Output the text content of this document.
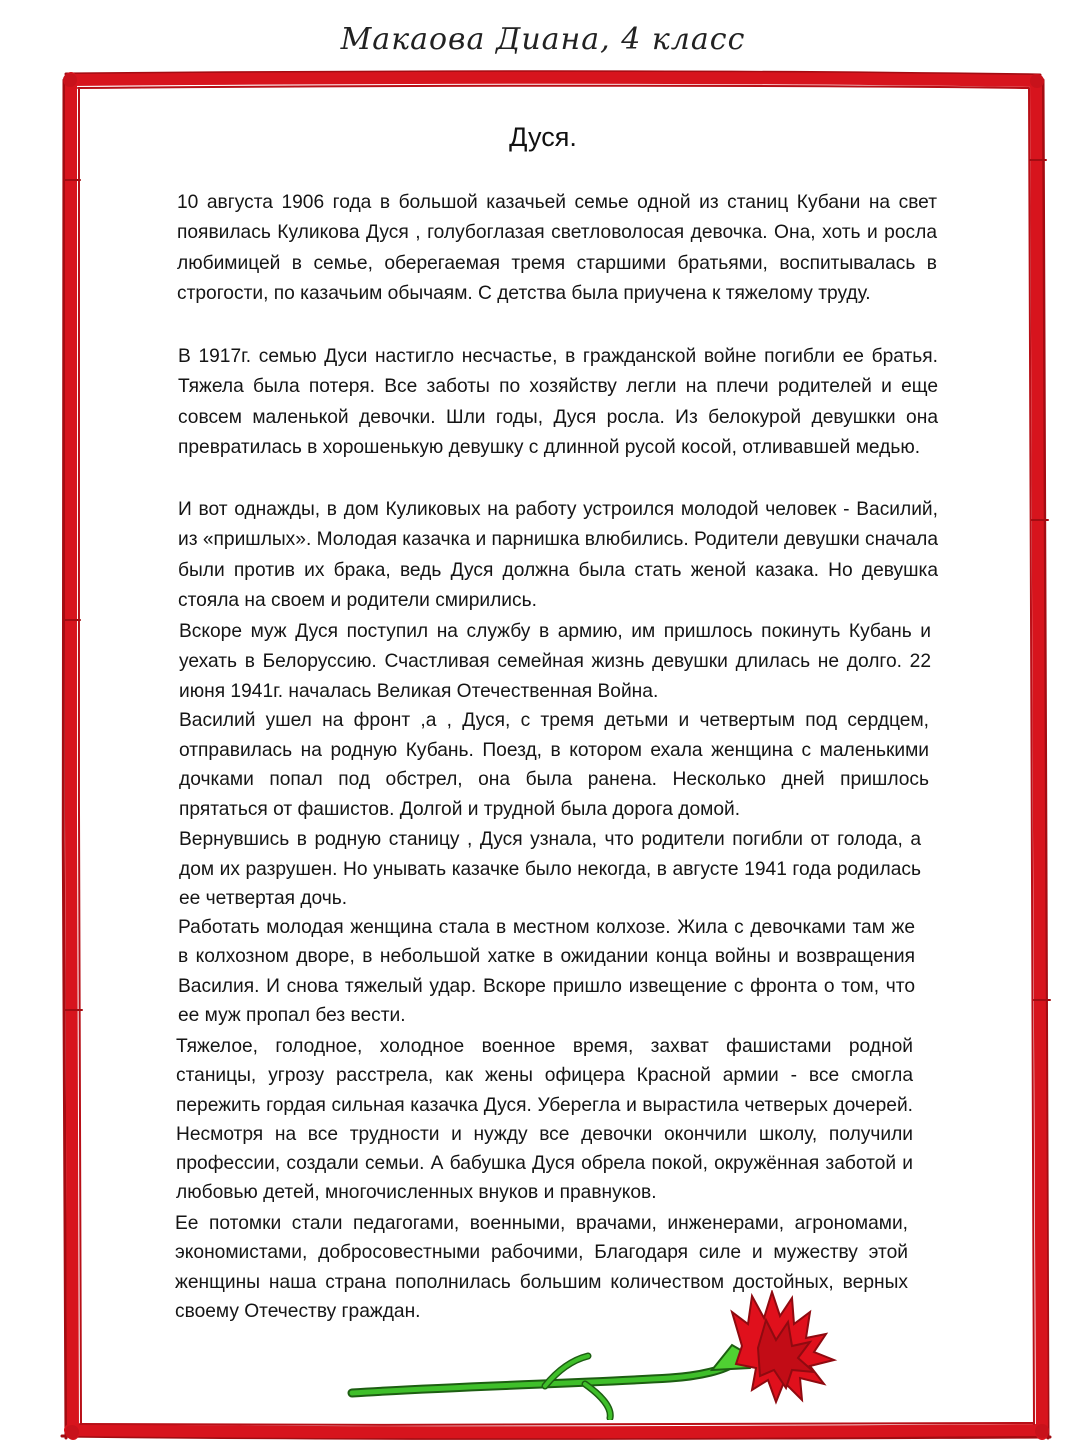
Макаова Диана, 4 класс
Дуся.

10 августа 1906 года в большой казачьей семье одной из станиц Кубани на свет появилась Куликова Дуся , голубоглазая светловолосая девочка. Она, хоть и росла любимицей в семье, оберегаемая тремя старшими братьями, воспитывалась в строгости, по казачьим обычаям. С детства была приучена к тяжелому труду.

В 1917г. семью Дуси настигло несчастье, в гражданской войне погибли ее братья. Тяжела была потеря. Все заботы по хозяйству легли на плечи родителей и еще совсем маленькой девочки. Шли годы, Дуся росла. Из белокурой девушкки она превратилась в хорошенькую девушку с длинной русой косой, отливавшей медью.

И вот однажды, в дом Куликовых на работу устроился молодой человек - Василий, из «пришлых». Молодая казачка и парнишка влюбились. Родители девушки сначала были против их брака, ведь Дуся должна была стать женой казака. Но девушка стояла на своем и родители смирились.

Вскоре муж Дуся поступил на службу в армию, им пришлось покинуть Кубань и уехать в Белоруссию. Счастливая семейная жизнь девушки длилась не долго. 22 июня 1941г. началась Великая Отечественная Война.

Василий ушел на фронт ,а , Дуся, с тремя детьми и четвертым под сердцем, отправилась на родную Кубань. Поезд, в котором ехала женщина с маленькими дочками попал под обстрел, она была ранена. Несколько дней пришлось прятаться от фашистов. Долгой и трудной была дорога домой.

Вернувшись в родную станицу , Дуся узнала, что родители погибли от голода, а дом их разрушен. Но унывать казачке было некогда, в августе 1941 года родилась ее четвертая дочь.

Работать молодая женщина стала в местном колхозе. Жила с девочками там же в колхозном дворе, в небольшой хатке в ожидании конца войны и возвращения Василия. И снова тяжелый удар. Вскоре пришло извещение с фронта о том, что ее муж пропал без вести.

Тяжелое, голодное, холодное военное время, захват фашистами родной станицы, угрозу расстрела, как жены офицера Красной армии - все смогла пережить гордая сильная казачка Дуся. Уберегла и вырастила четверых дочерей. Несмотря на все трудности и нужду все девочки окончили школу, получили профессии, создали семьи. А бабушка Дуся обрела покой, окружённая заботой и любовью детей, многочисленных внуков и правнуков.

Ее потомки стали педагогами, военными, врачами, инженерами, агрономами, экономистами, добросовестными рабочими, Благодаря силе и мужеству этой женщины наша страна пополнилась большим количеством достойных, верных своему Отечеству граждан.
